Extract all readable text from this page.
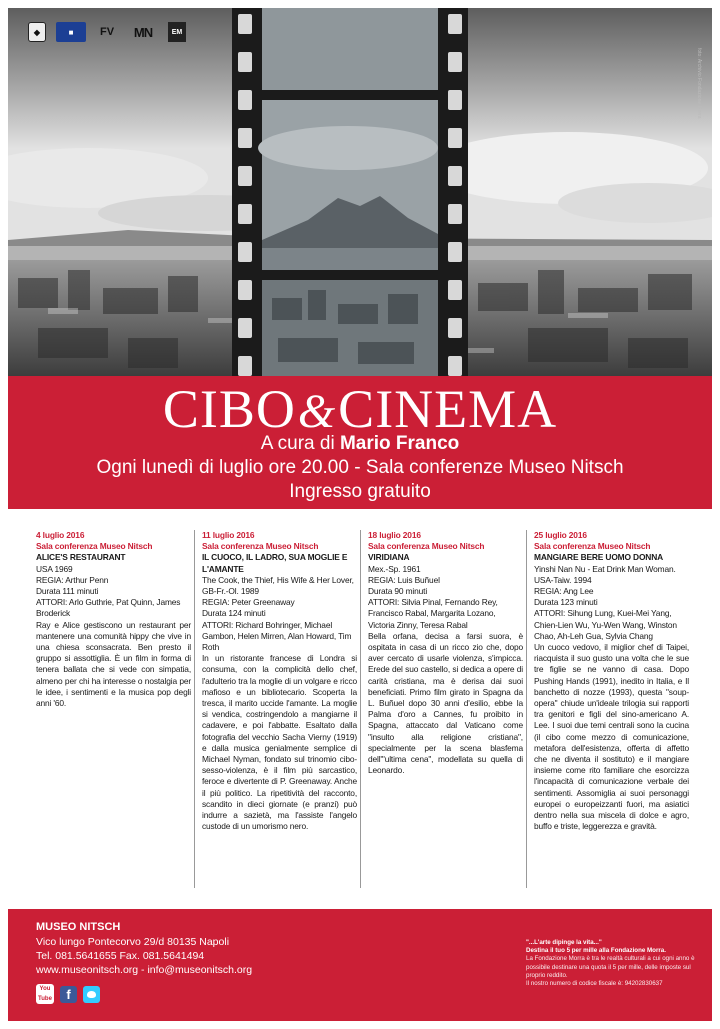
◆	■	FV	MN	EM
foto: Archivio Fondazione Morra
CIBO&CINEMA
A cura di Mario Franco
Ogni lunedì di luglio ore 20.00 - Sala conferenze Museo Nitsch
Ingresso gratuito
4 luglio 2016
Sala conferenza Museo Nitsch
ALICE'S RESTAURANT
USA 1969
REGIA: Arthur Penn
Durata 111 minuti
ATTORI: Arlo Guthrie, Pat Quinn, James Broderick
Ray e Alice gestiscono un restaurant per mantenere una comunità hippy che vive in una chiesa sconsacrata. Ben presto il gruppo si assottiglia. È un film in forma di tenera ballata che si vede con simpatia, almeno per chi ha interesse o nostalgia per le idee, i sentimenti e la musica pop degli anni '60.
11 luglio 2016
Sala conferenza Museo Nitsch
IL CUOCO, IL LADRO, SUA MOGLIE E L'AMANTE
The Cook, the Thief, His Wife & Her Lover, GB-Fr.-Ol. 1989
REGIA: Peter Greenaway
Durata 124 minuti
ATTORI: Richard Bohringer, Michael Gambon, Helen Mirren, Alan Howard, Tim Roth
In un ristorante francese di Londra si consuma, con la complicità dello chef, l'adulterio tra la moglie di un volgare e ricco mafioso e un bibliotecario. Scoperta la tresca, il marito uccide l'amante. La moglie si vendica, costringendolo a mangiarne il cadavere, e poi l'abbatte. Esaltato dalla fotografia del vecchio Sacha Vierny (1919) e dalla musica genialmente semplice di Michael Nyman, fondato sul trinomio cibo-sesso-violenza, è il film più sarcastico, feroce e divertente di P. Greenaway. Anche il più politico. La ripetitività del racconto, scandito in dieci giornate (e pranzi) può indurre a sazietà, ma l'assiste l'angelo custode di un umorismo nero.
18 luglio 2016
Sala conferenza Museo Nitsch
VIRIDIANA
Mex.-Sp. 1961
REGIA: Luis Buñuel
Durata 90 minuti
ATTORI: Silvia Pinal, Fernando Rey, Francisco Rabal, Margarita Lozano, Victoria Zinny, Teresa Rabal
Bella orfana, decisa a farsi suora, è ospitata in casa di un ricco zio che, dopo aver cercato di usarle violenza, s'impicca. Erede del suo castello, si dedica a opere di carità cristiana, ma è derisa dai suoi beneficiati. Primo film girato in Spagna da L. Buñuel dopo 30 anni d'esilio, ebbe la Palma d'oro a Cannes, fu proibito in Spagna, attaccato dal Vaticano come "insulto alla religione cristiana", specialmente per la scena blasfema dell'"ultima cena", modellata su quella di Leonardo.
25 luglio 2016
Sala conferenza Museo Nitsch
MANGIARE BERE UOMO DONNA
Yinshi Nan Nu - Eat Drink Man Woman. USA-Taiw. 1994
REGIA: Ang Lee
Durata 123 minuti
ATTORI: Sihung Lung, Kuei-Mei Yang, Chien-Lien Wu, Yu-Wen Wang, Winston Chao, Ah-Leh Gua, Sylvia Chang
Un cuoco vedovo, il miglior chef di Taipei, riacquista il suo gusto una volta che le sue tre figlie se ne vanno di casa. Dopo Pushing Hands (1991), inedito in Italia, e Il banchetto di nozze (1993), questa "soup-opera" chiude un'ideale trilogia sui rapporti tra genitori e figli del sino-americano A. Lee. I suoi due temi centrali sono la cucina (il cibo come mezzo di comunicazione, metafora dell'esistenza, offerta di affetto che ne diventa il sostituto) e il mangiare insieme come rito familiare che esorcizza l'incapacità di comunicazione verbale dei sentimenti. Assomiglia ai suoi personaggi europei o europeizzanti fuori, ma asiatici dentro nella sua miscela di dolce e agro, buffo e triste, leggerezza e gravità.
MUSEO NITSCH
Vico lungo Pontecorvo 29/d 80135 Napoli
Tel. 081.5641655 Fax. 081.5641494
www.museonitsch.org - info@museonitsch.org
You Tube	f
"...L'arte dipinge la vita..."
Destina il tuo 5 per mille alla Fondazione Morra.
La Fondazione Morra è tra le realtà culturali a cui ogni anno è possibile destinare una quota il 5 per mille, delle imposte sul proprio reddito.
Il nostro numero di codice fiscale è: 94202830637
